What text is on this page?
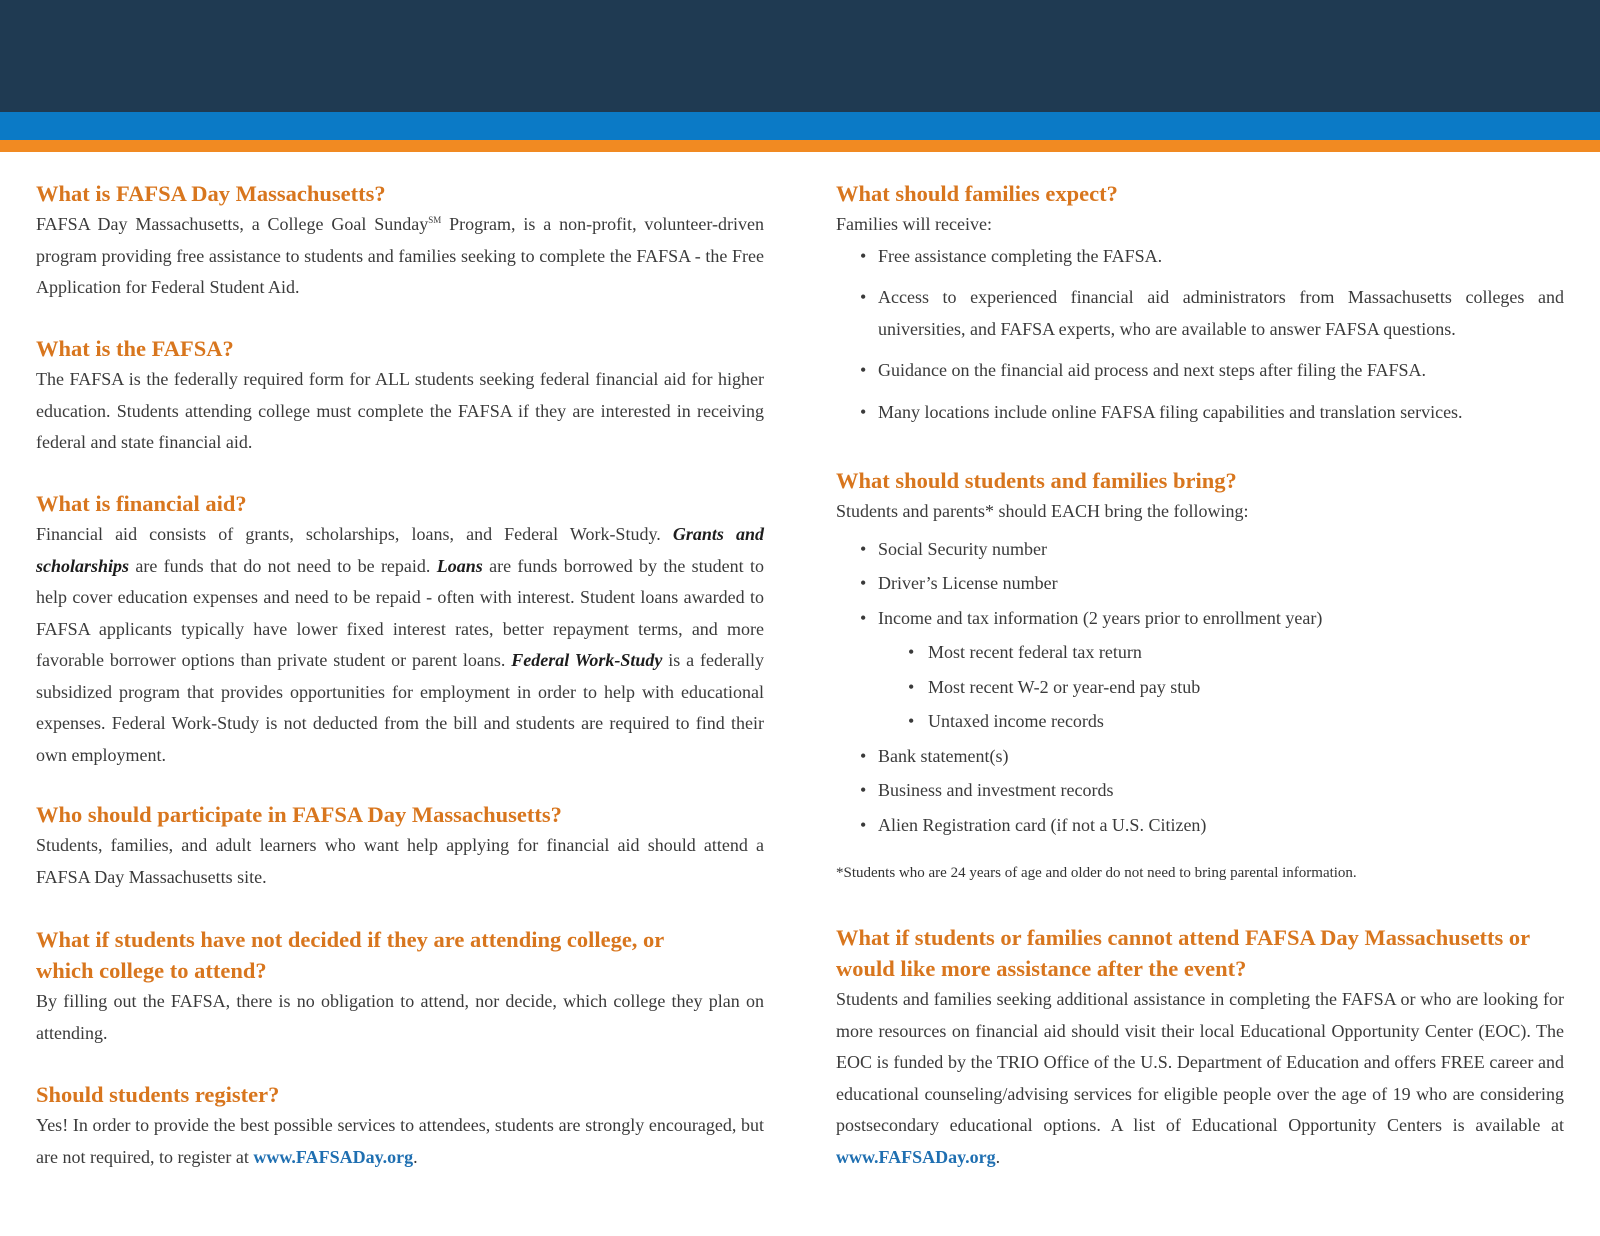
What is FAFSA Day Massachusetts?

FAFSA Day Massachusetts, a College Goal Sunday℠ Program, is a non-profit, volunteer-driven program providing free assistance to students and families seeking to complete the FAFSA - the Free Application for Federal Student Aid.

What is the FAFSA?

The FAFSA is the federally required form for ALL students seeking federal financial aid for higher education. Students attending college must complete the FAFSA if they are interested in receiving federal and state financial aid.

What is financial aid?

Financial aid consists of grants, scholarships, loans, and Federal Work-Study. Grants and scholarships are funds that do not need to be repaid. Loans are funds borrowed by the student to help cover education expenses and need to be repaid - often with interest. Student loans awarded to FAFSA applicants typically have lower fixed interest rates, better repayment terms, and more favorable borrower options than private student or parent loans. Federal Work-Study is a federally subsidized program that provides opportunities for employment in order to help with educational expenses. Federal Work-Study is not deducted from the bill and students are required to find their own employment.

Who should participate in FAFSA Day Massachusetts?

Students, families, and adult learners who want help applying for financial aid should attend a FAFSA Day Massachusetts site.

What if students have not decided if they are attending college, or
which college to attend?

By filling out the FAFSA, there is no obligation to attend, nor decide, which college they plan on attending.

Should students register?

Yes! In order to provide the best possible services to attendees, students are strongly encouraged, but are not required, to register at www.FAFSADay.org.

What should families expect?

Families will receive:

• Free assistance completing the FAFSA.
• Access to experienced financial aid administrators from Massachusetts colleges and universities, and FAFSA experts, who are available to answer FAFSA questions.
• Guidance on the financial aid process and next steps after filing the FAFSA.
• Many locations include online FAFSA filing capabilities and translation services.
What should students and families bring?

Students and parents* should EACH bring the following:

• Social Security number
• Driver’s License number
• Income and tax information (2 years prior to enrollment year)
• Most recent federal tax return
• Most recent W-2 or year-end pay stub
• Untaxed income records
• Bank statement(s)
• Business and investment records
• Alien Registration card (if not a U.S. Citizen)

*Students who are 24 years of age and older do not need to bring parental information.

What if students or families cannot attend FAFSA Day Massachusetts or
would like more assistance after the event?

Students and families seeking additional assistance in completing the FAFSA or who are looking for more resources on financial aid should visit their local Educational Opportunity Center (EOC). The EOC is funded by the TRIO Office of the U.S. Department of Education and offers FREE career and educational counseling/advising services for eligible people over the age of 19 who are considering postsecondary educational options. A list of Educational Opportunity Centers is available at www.FAFSADay.org.
